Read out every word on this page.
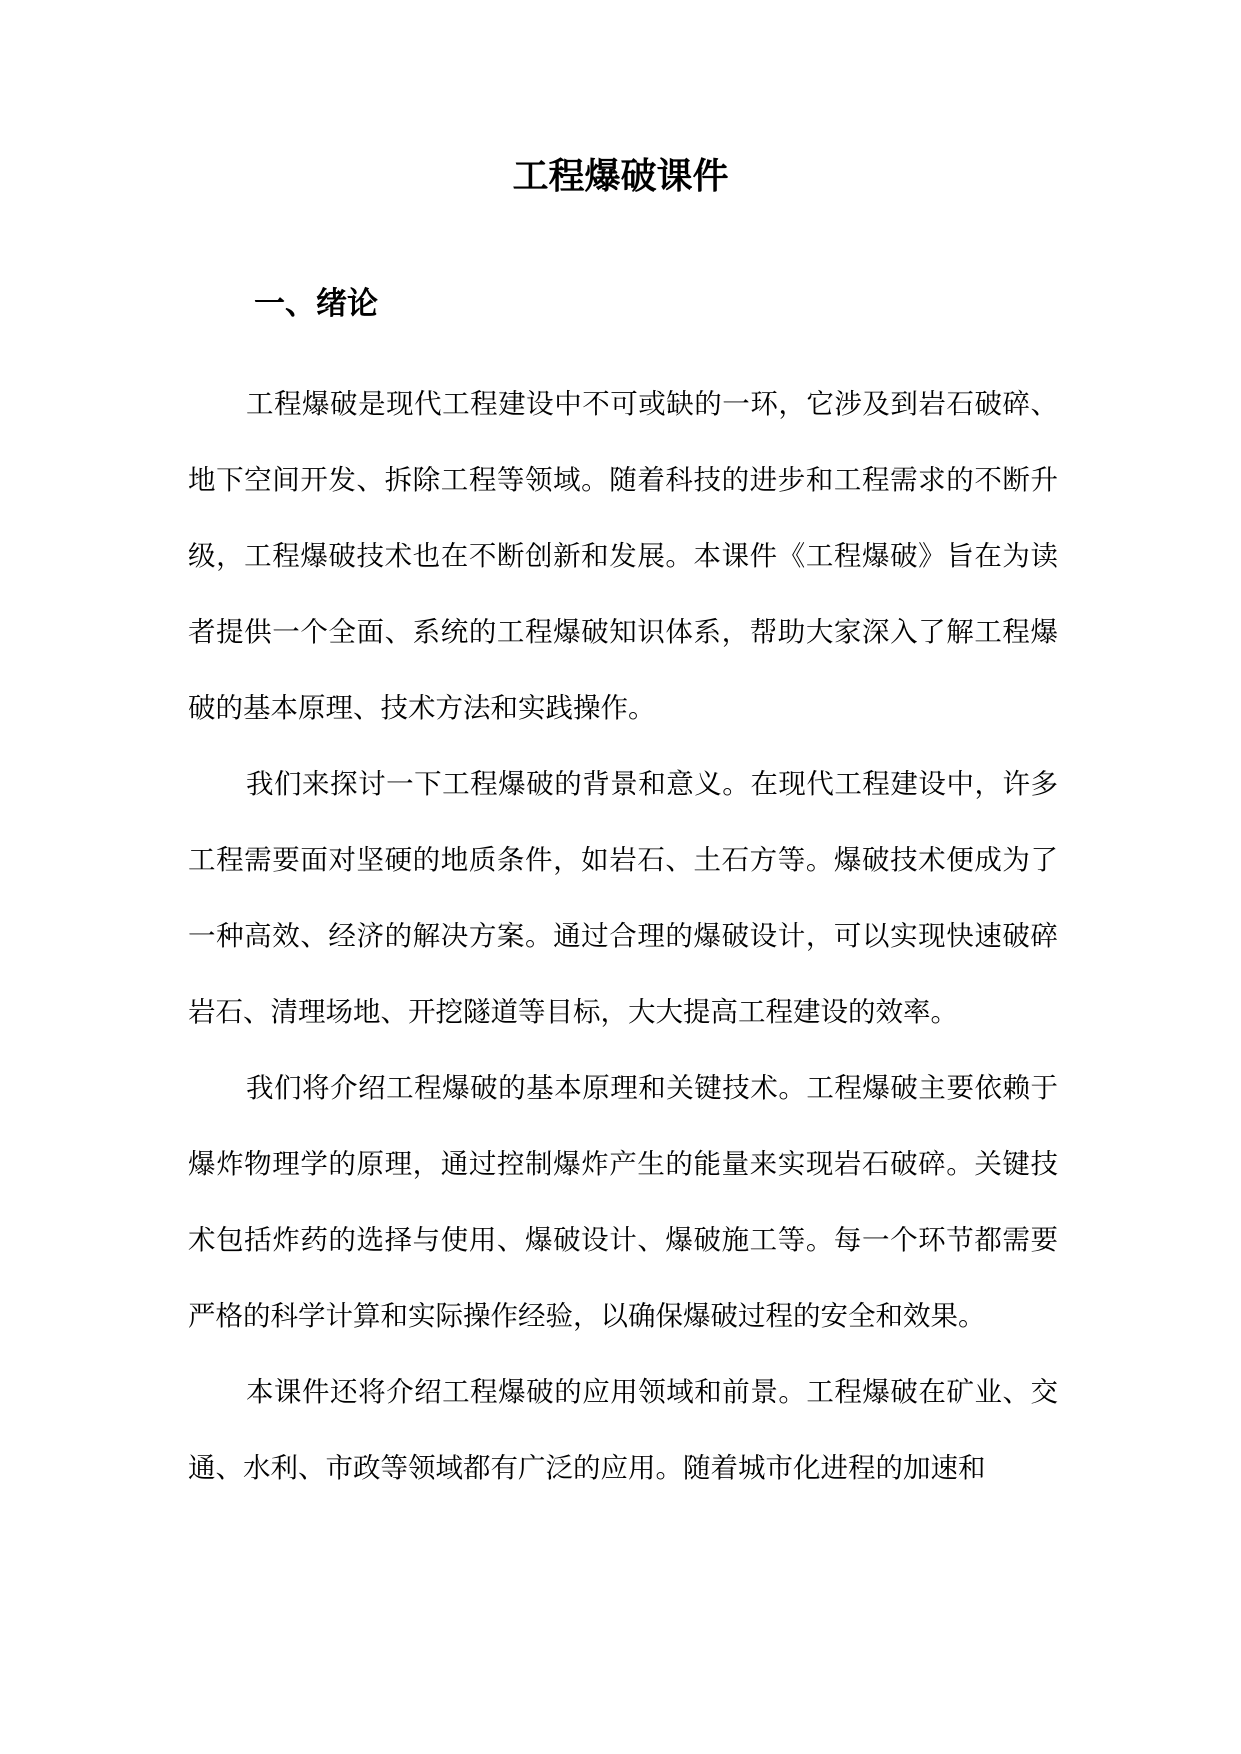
工程爆破课件
一、绪论

工程爆破是现代工程建设中不可或缺的一环，它涉及到岩石破碎、地下空间开发、拆除工程等领域。随着科技的进步和工程需求的不断升级，工程爆破技术也在不断创新和发展。本课件《工程爆破》旨在为读者提供一个全面、系统的工程爆破知识体系，帮助大家深入了解工程爆破的基本原理、技术方法和实践操作。

我们来探讨一下工程爆破的背景和意义。在现代工程建设中，许多工程需要面对坚硬的地质条件，如岩石、土石方等。爆破技术便成为了一种高效、经济的解决方案。通过合理的爆破设计，可以实现快速破碎岩石、清理场地、开挖隧道等目标，大大提高工程建设的效率。

我们将介绍工程爆破的基本原理和关键技术。工程爆破主要依赖于爆炸物理学的原理，通过控制爆炸产生的能量来实现岩石破碎。关键技术包括炸药的选择与使用、爆破设计、爆破施工等。每一个环节都需要严格的科学计算和实际操作经验，以确保爆破过程的安全和效果。

本课件还将介绍工程爆破的应用领域和前景。工程爆破在矿业、交通、水利、市政等领域都有广泛的应用。随着城市化进程的加速和
